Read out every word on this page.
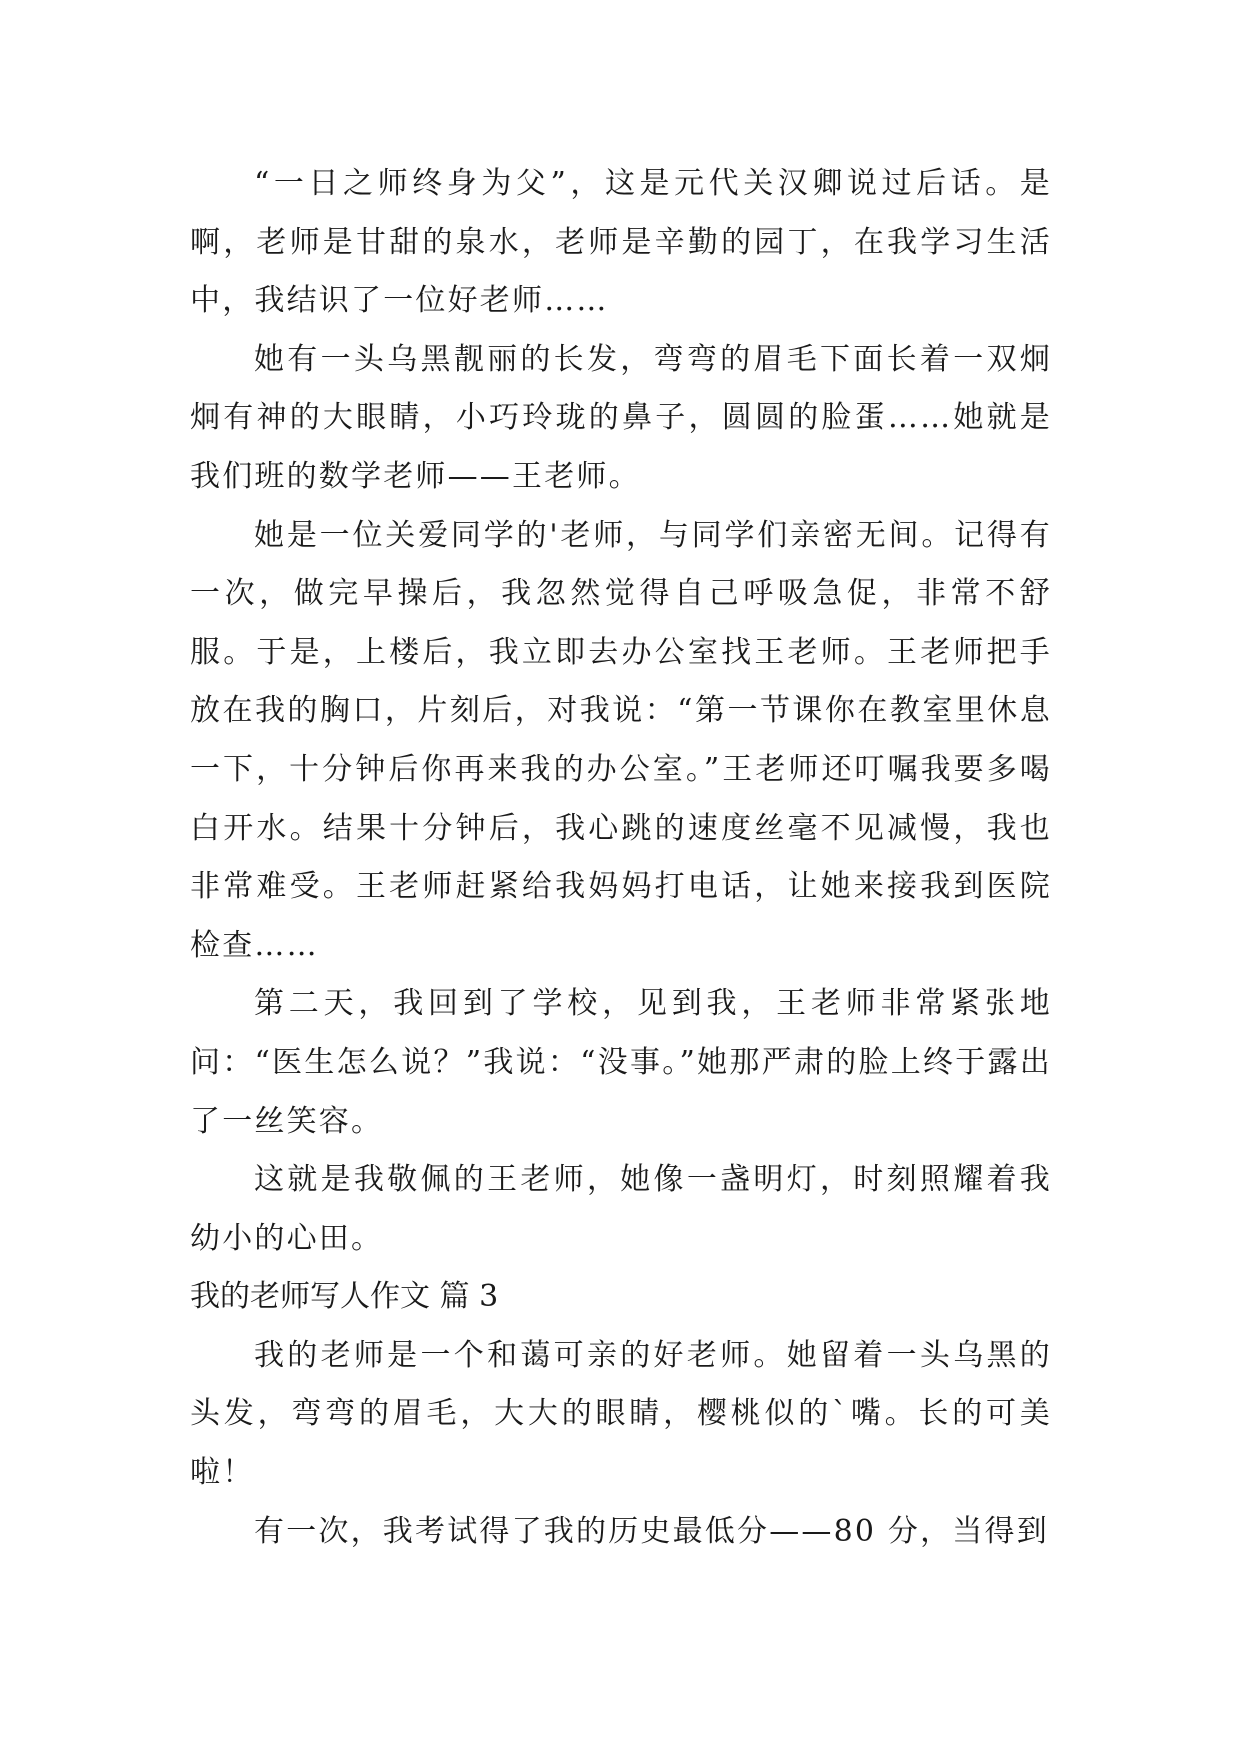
“一日之师终身为父”，这是元代关汉卿说过后话。是啊，老师是甘甜的泉水，老师是辛勤的园丁，在我学习生活中，我结识了一位好老师……

她有一头乌黑靓丽的长发，弯弯的眉毛下面长着一双炯炯有神的大眼睛，小巧玲珑的鼻子，圆圆的脸蛋……她就是我们班的数学老师——王老师。

她是一位关爱同学的'老师，与同学们亲密无间。记得有一次，做完早操后，我忽然觉得自己呼吸急促，非常不舒服。于是，上楼后，我立即去办公室找王老师。王老师把手放在我的胸口，片刻后，对我说：“第一节课你在教室里休息一下，十分钟后你再来我的办公室。”王老师还叮嘱我要多喝白开水。结果十分钟后，我心跳的速度丝毫不见减慢，我也非常难受。王老师赶紧给我妈妈打电话，让她来接我到医院检查……

第二天，我回到了学校，见到我，王老师非常紧张地问：“医生怎么说？”我说：“没事。”她那严肃的脸上终于露出了一丝笑容。

这就是我敬佩的王老师，她像一盏明灯，时刻照耀着我幼小的心田。

我的老师写人作文 篇 3

我的老师是一个和蔼可亲的好老师。她留着一头乌黑的头发，弯弯的眉毛，大大的眼睛，樱桃似的`嘴。长的可美啦！

有一次，我考试得了我的历史最低分——80 分，当得到
